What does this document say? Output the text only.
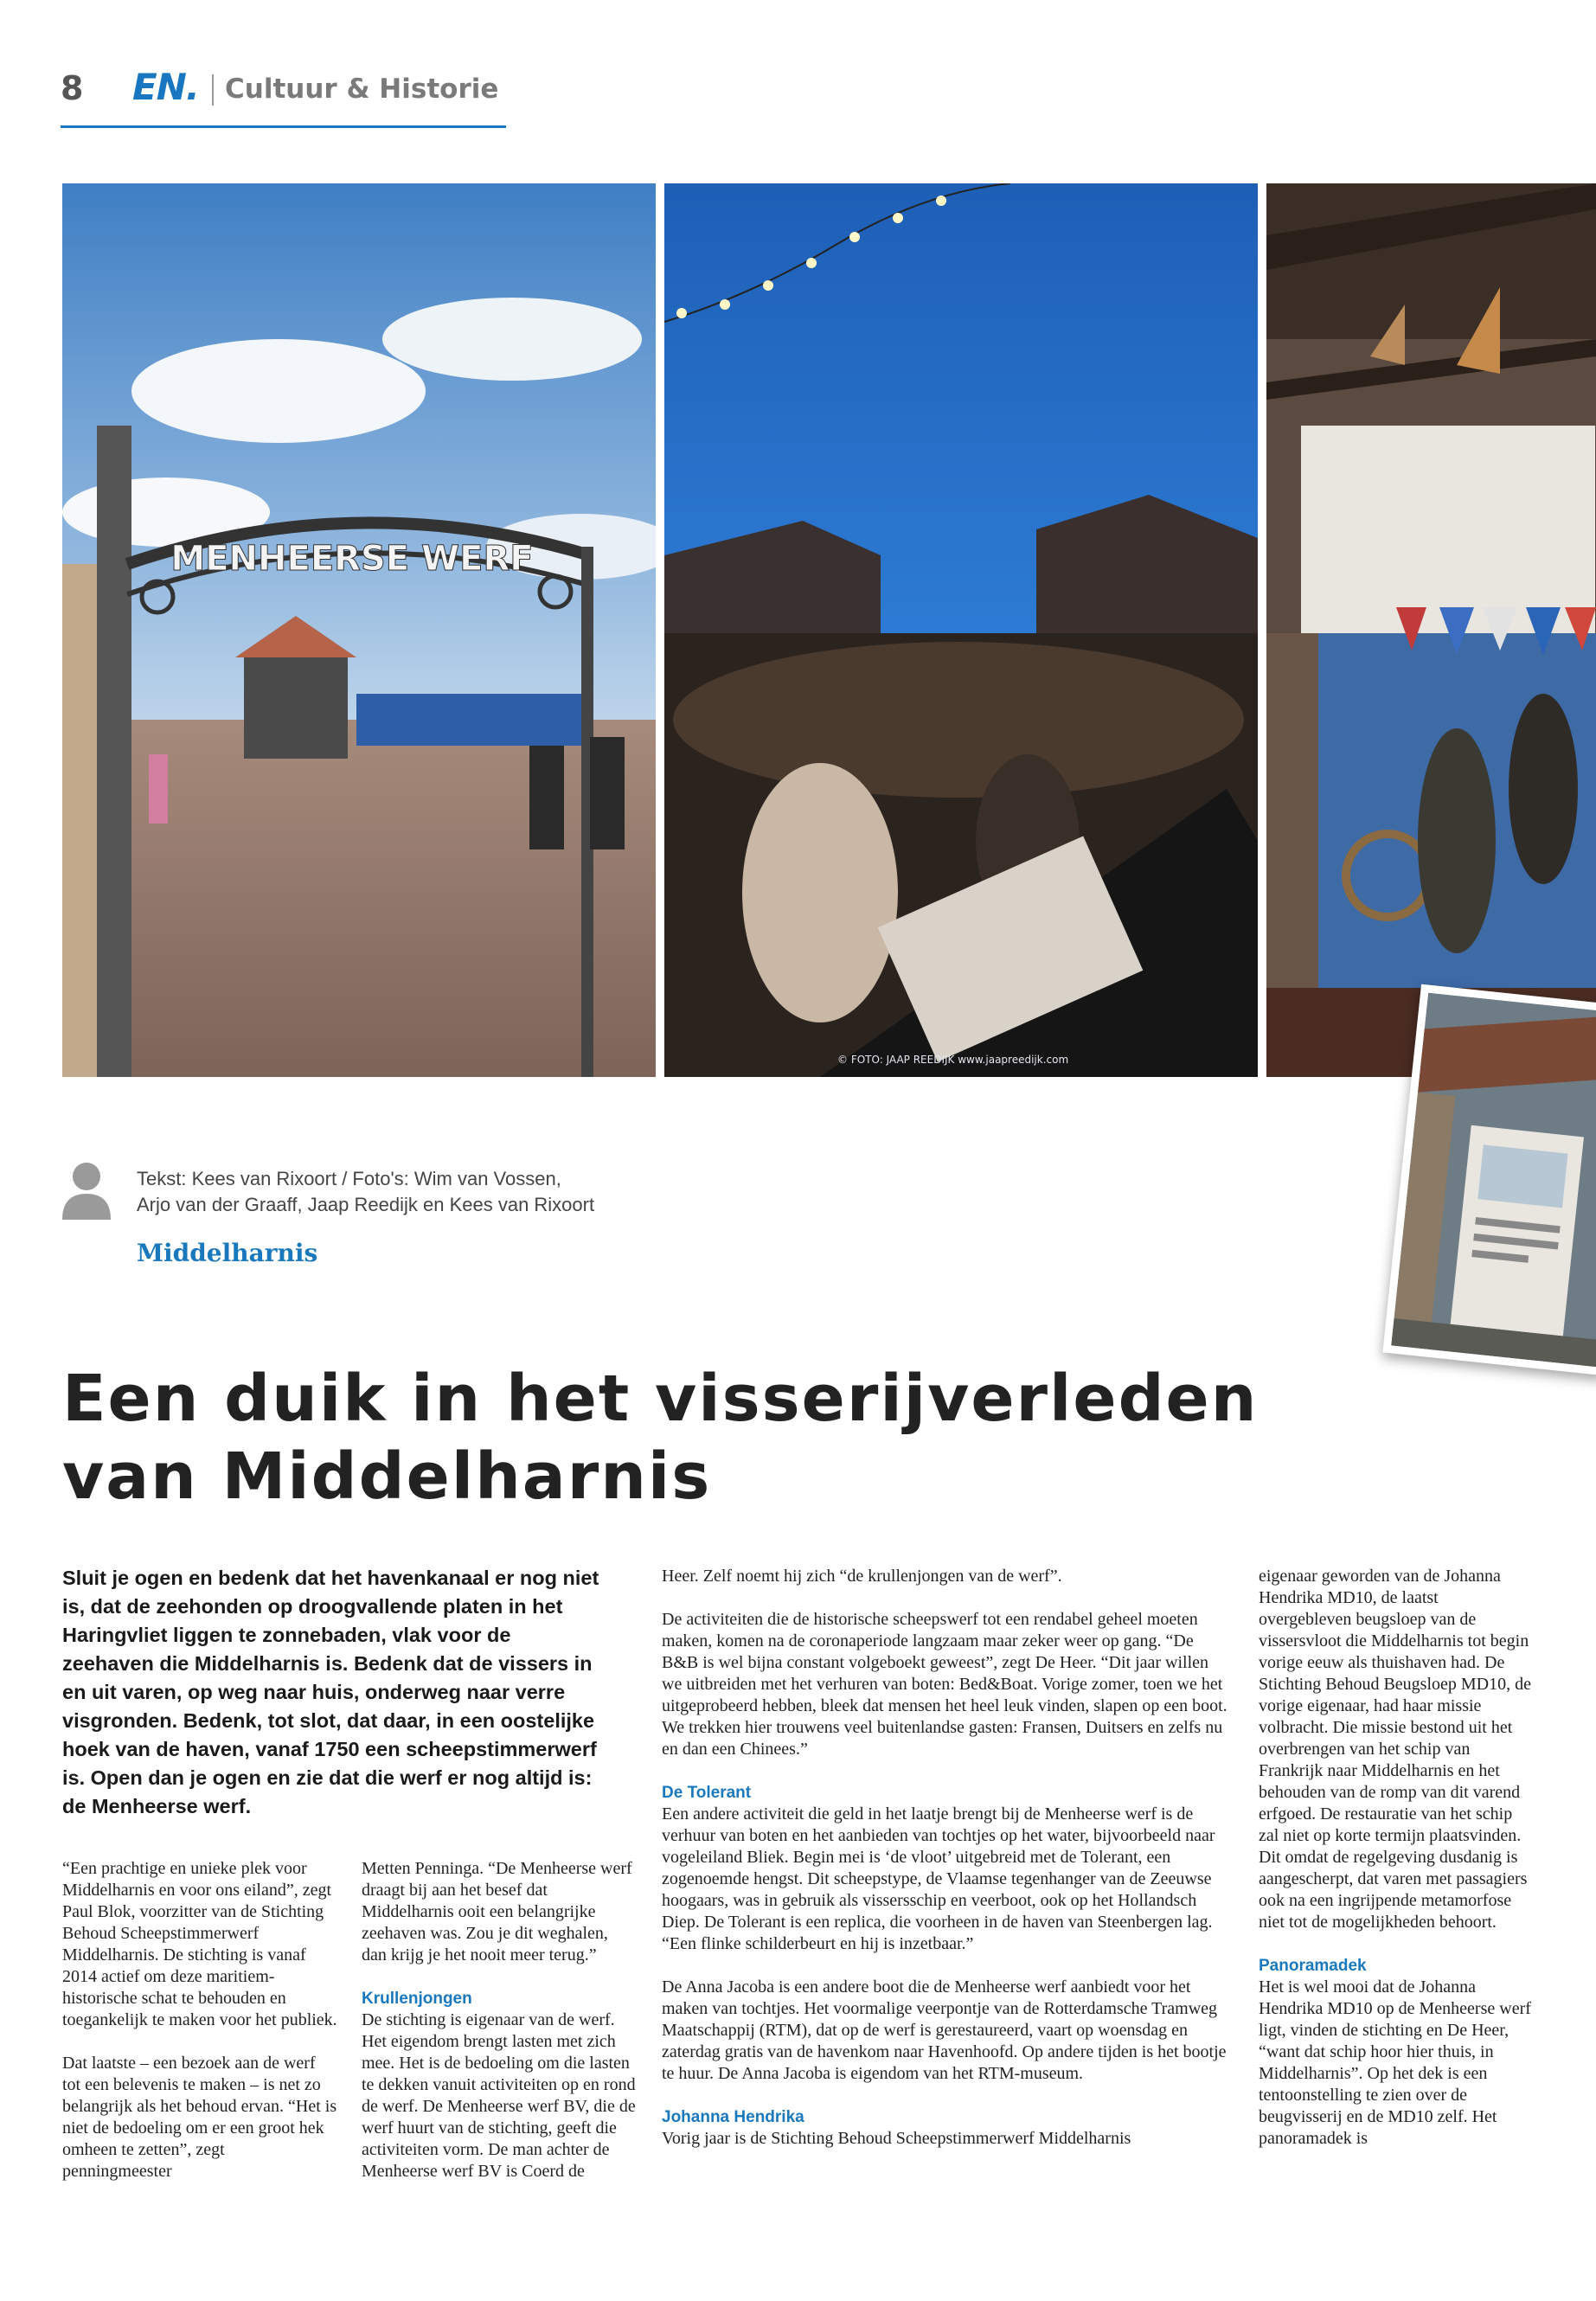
8 EN. Cultuur & Historie
MENHEERSE WERF
© FOTO: JAAP REEDIJK www.jaapreedijk.com
Tekst: Kees van Rixoort / Foto's: Wim van Vossen,
Arjo van der Graaff, Jaap Reedijk en Kees van Rixoort
Middelharnis
Een duik in het visserijverleden
van Middelharnis
Sluit je ogen en bedenk dat het havenkanaal er nog niet is, dat de zeehonden op droogvallende platen in het Haringvliet liggen te zonnebaden, vlak voor de zeehaven die Middelharnis is. Bedenk dat de vissers in en uit varen, op weg naar huis, onderweg naar verre visgronden. Bedenk, tot slot, dat daar, in een oostelijke hoek van de haven, vanaf 1750 een scheepstimmerwerf is. Open dan je ogen en zie dat die werf er nog altijd is: de Menheerse werf.

“Een prachtige en unieke plek voor Middelharnis en voor ons eiland”, zegt Paul Blok, voorzitter van de Stichting Behoud Scheepstimmerwerf Middelharnis. De stichting is vanaf 2014 actief om deze maritiem-historische schat te behouden en toegankelijk te maken voor het publiek.

Dat laatste – een bezoek aan de werf tot een belevenis te maken – is net zo belangrijk als het behoud ervan. “Het is niet de bedoeling om er een groot hek omheen te zetten”, zegt penningmeester

Metten Penninga. “De Menheerse werf draagt bij aan het besef dat Middelharnis ooit een belangrijke zeehaven was. Zou je dit weghalen, dan krijg je het nooit meer terug.”

Krullenjongen

De stichting is eigenaar van de werf. Het eigendom brengt lasten met zich mee. Het is de bedoeling om die lasten te dekken vanuit activiteiten op en rond de werf. De Menheerse werf BV, die de werf huurt van de stichting, geeft die activiteiten vorm. De man achter de Menheerse werf BV is Coerd de

Heer. Zelf noemt hij zich “de krullenjongen van de werf”.

De activiteiten die de historische scheepswerf tot een rendabel geheel moeten maken, komen na de coronaperiode langzaam maar zeker weer op gang. “De B&B is wel bijna constant volgeboekt geweest”, zegt De Heer. “Dit jaar willen we uitbreiden met het verhuren van boten: Bed&Boat. Vorige zomer, toen we het uitgeprobeerd hebben, bleek dat mensen het heel leuk vinden, slapen op een boot. We trekken hier trouwens veel buitenlandse gasten: Fransen, Duitsers en zelfs nu en dan een Chinees.”

De Tolerant

Een andere activiteit die geld in het laatje brengt bij de Menheerse werf is de verhuur van boten en het aanbieden van tochtjes op het water, bijvoorbeeld naar vogeleiland Bliek. Begin mei is ‘de vloot’ uitgebreid met de Tolerant, een zogenoemde hengst. Dit scheepstype, de Vlaamse tegenhanger van de Zeeuwse hoogaars, was in gebruik als vissersschip en veerboot, ook op het Hollandsch Diep. De Tolerant is een replica, die voorheen in de haven van Steenbergen lag. “Een flinke schilderbeurt en hij is inzetbaar.”

De Anna Jacoba is een andere boot die de Menheerse werf aanbiedt voor het maken van tochtjes. Het voormalige veerpontje van de Rotterdamsche Tramweg Maatschappij (RTM), dat op de werf is gerestaureerd, vaart op woensdag en zaterdag gratis van de havenkom naar Havenhoofd. Op andere tijden is het bootje te huur. De Anna Jacoba is eigendom van het RTM-museum.

Johanna Hendrika

Vorig jaar is de Stichting Behoud Scheepstimmerwerf Middelharnis

eigenaar geworden van de Johanna Hendrika MD10, de laatst overgebleven beugsloep van de vissersvloot die Middelharnis tot begin vorige eeuw als thuishaven had. De Stichting Behoud Beugsloep MD10, de vorige eigenaar, had haar missie volbracht. Die missie bestond uit het overbrengen van het schip van Frankrijk naar Middelharnis en het behouden van de romp van dit varend erfgoed. De restauratie van het schip zal niet op korte termijn plaatsvinden. Dit omdat de regelgeving dusdanig is aangescherpt, dat varen met passagiers ook na een ingrijpende metamorfose niet tot de mogelijkheden behoort.

Panoramadek

Het is wel mooi dat de Johanna Hendrika MD10 op de Menheerse werf ligt, vinden de stichting en De Heer, “want dat schip hoor hier thuis, in Middelharnis”. Op het dek is een tentoonstelling te zien over de beugvisserij en de MD10 zelf. Het panoramadek is
